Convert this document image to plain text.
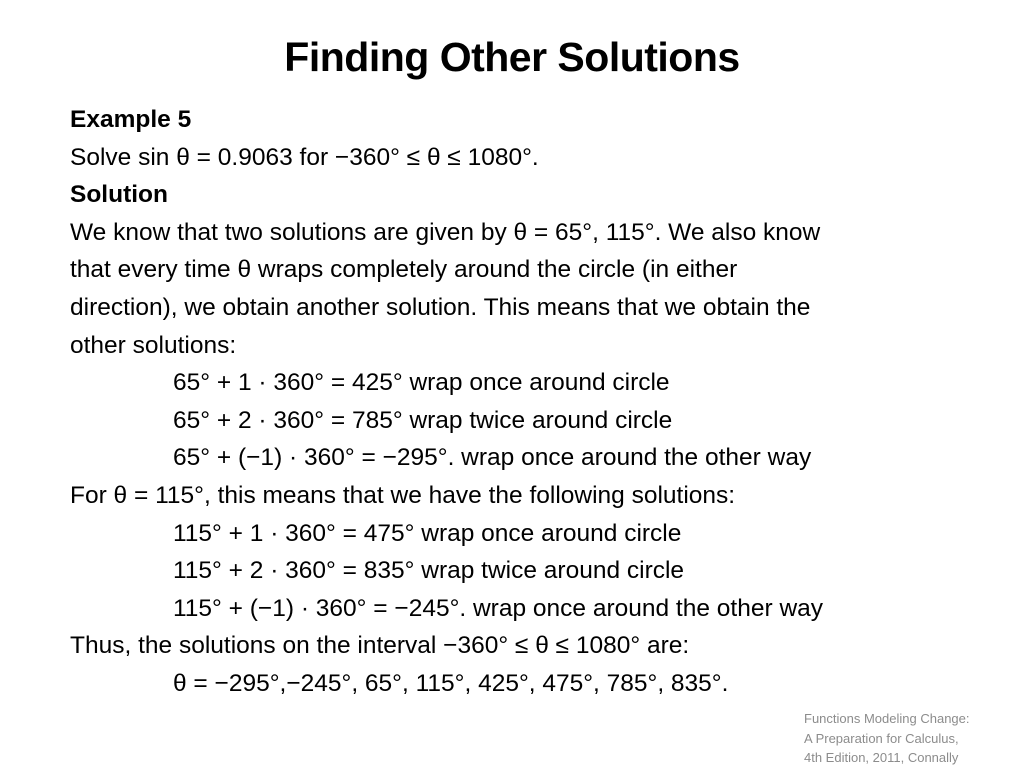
Finding Other Solutions
Example 5
Solve sin θ = 0.9063 for −360° ≤ θ ≤ 1080°.
Solution
We know that two solutions are given by θ = 65°, 115°. We also know
that every time θ wraps completely around the circle (in either
direction), we obtain another solution. This means that we obtain the
other solutions:
65° + 1 · 360° = 425° wrap once around circle
65° + 2 · 360° = 785° wrap twice around circle
65° + (−1) · 360° = −295°. wrap once around the other way
For θ = 115°, this means that we have the following solutions:
115° + 1 · 360° = 475° wrap once around circle
115° + 2 · 360° = 835° wrap twice around circle
115° + (−1) · 360° = −245°. wrap once around the other way
Thus, the solutions on the interval −360° ≤ θ ≤ 1080° are:
θ = −295°,−245°, 65°, 115°, 425°, 475°, 785°, 835°.
Functions Modeling Change:
A Preparation for Calculus,
4th Edition, 2011, Connally
